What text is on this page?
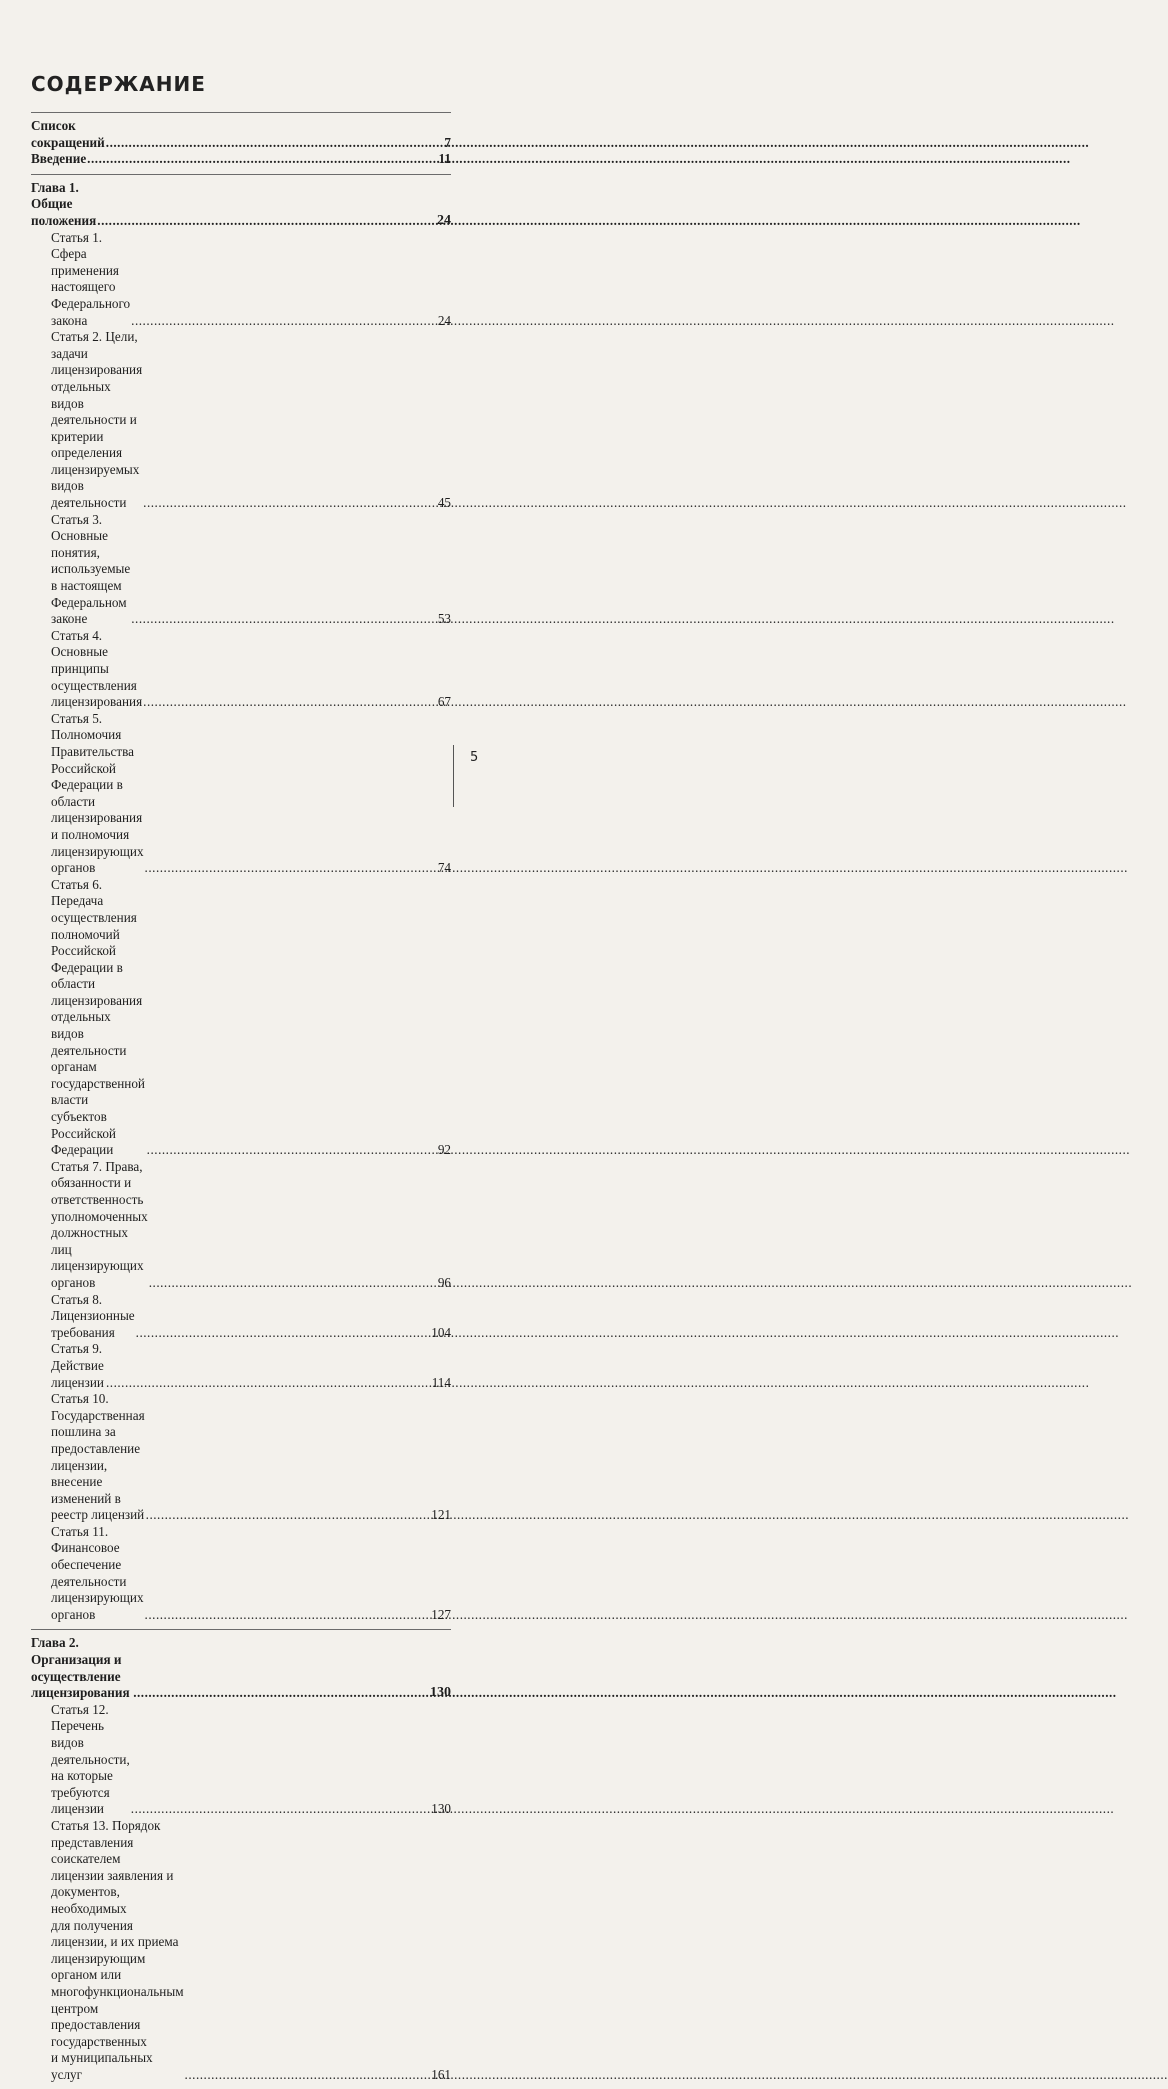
СОДЕРЖАНИЕ
Список сокращений .....	7
Введение .....	11
Глава 1. Общие положения .....	24
Статья 1. Сфера применения настоящего
Федерального закона .....	24
Статья 2. Цели, задачи лицензирования отдельных
видов деятельности и критерии определения
лицензируемых видов деятельности .....	45
Статья 3. Основные понятия, используемые
в настоящем Федеральном законе .....	53
Статья 4. Основные принципы осуществления
лицензирования .....	67
Статья 5. Полномочия Правительства Российской
Федерации в области лицензирования
и полномочия лицензирующих органов .....	74
Статья 6. Передача осуществления полномочий
Российской Федерации в области лицензирования
отдельных видов деятельности органам государственной
власти субъектов Российской Федерации .....	92
Статья 7. Права, обязанности и ответственность
уполномоченных должностных лиц
лицензирующих органов .....	96
Статья 8. Лицензионные требования .....	104
Статья 9. Действие лицензии .....	114
Статья 10. Государственная пошлина за предоставление
лицензии, внесение изменений в реестр лицензий .....	121
Статья 11. Финансовое обеспечение деятельности
лицензирующих органов .....	127
Глава 2. Организация и осуществление лицензирования .....	130
Статья 12. Перечень видов деятельности,
на которые требуются лицензии .....	130
Статья 13. Порядок представления соискателем
лицензии заявления и документов, необходимых
для получения лицензии, и их приема
лицензирующим органом или многофункциональным
центром предоставления государственных
и муниципальных услуг .....	161
5
